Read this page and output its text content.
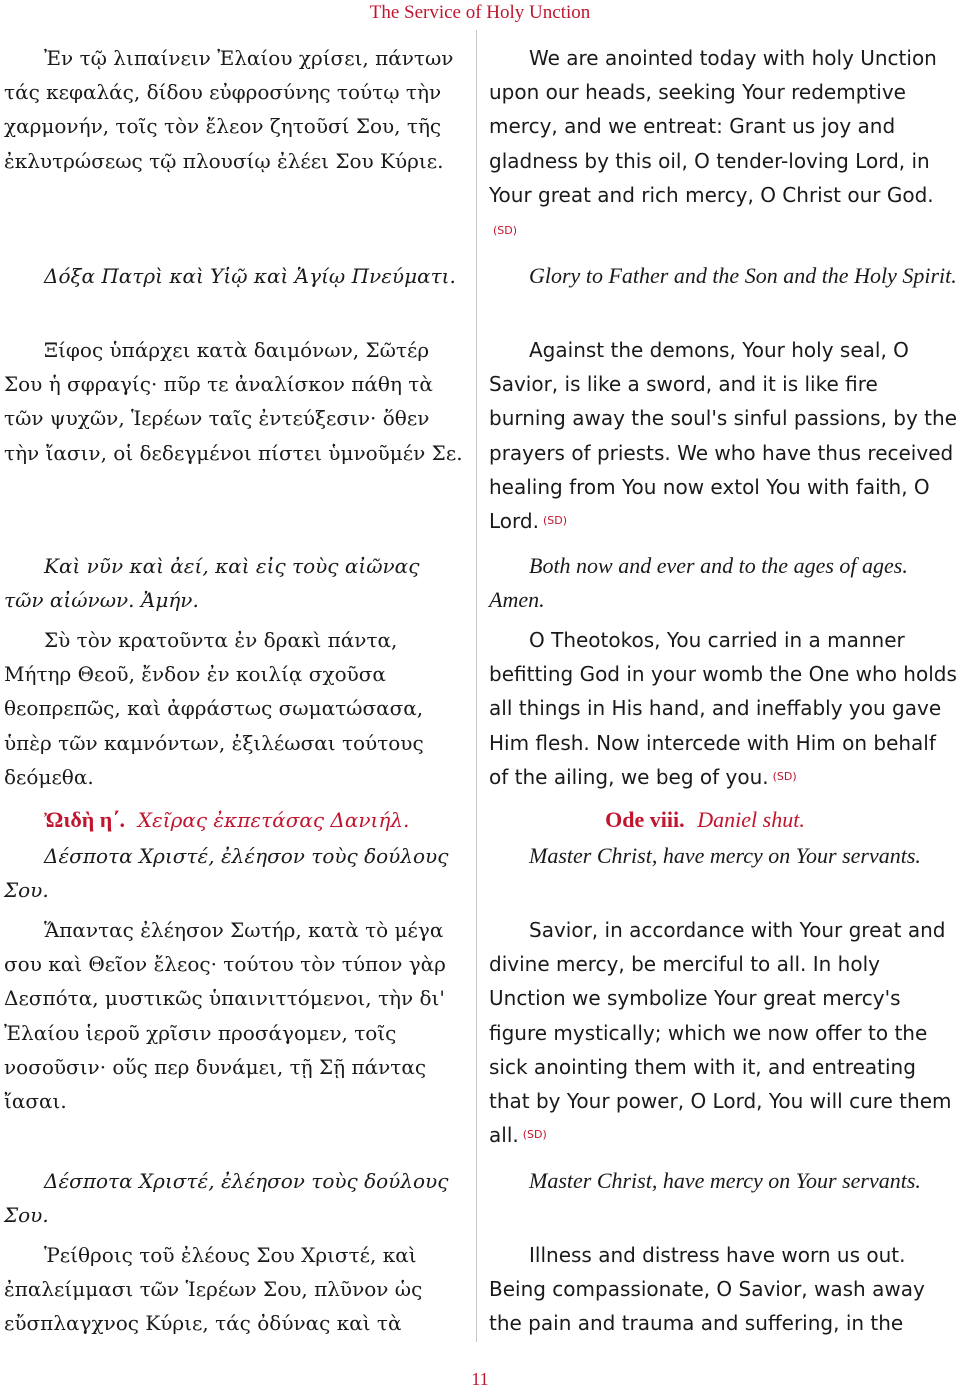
The Service of Holy Unction

Ἐν τῷ λιπαίνειν Ἐλαίου χρίσει, πάντων τάς κεφαλάς, δίδου εὐφροσύνης τούτῳ τὴν χαρμονήν, τοῖς τὸν ἔλεον ζητοῦσί Σου, τῆς ἐκλυτρώσεως τῷ πλουσίῳ ἐλέει Σου Κύριε.

Δόξα Πατρὶ καὶ Υἱῷ καὶ Ἁγίῳ Πνεύματι.

Ξίφος ὑπάρχει κατὰ δαιμόνων, Σῶτέρ Σου ἡ σφραγίς· πῦρ τε ἀναλίσκον πάθη τὰ τῶν ψυχῶν, Ἱερέων ταῖς ἐντεύξεσιν· ὅθεν τὴν ἴασιν, οἱ δεδεγμένοι πίστει ὑμνοῦμέν Σε.

Καὶ νῦν καὶ ἀεί, καὶ εἰς τοὺς αἰῶνας τῶν αἰώνων. Ἀμήν.

Σὺ τὸν κρατοῦντα ἐν δρακὶ πάντα, Μήτηρ Θεοῦ, ἔνδον ἐν κοιλίᾳ σχοῦσα θεοπρεπῶς, καὶ ἀφράστως σωματώσασα, ὑπὲρ τῶν καμνόντων, ἐξιλέωσαι τούτους δεόμεθα.

Ὠιδὴ η΄. Χεῖρας ἐκπετάσας Δανιήλ.

Δέσποτα Χριστέ, ἐλέησον τοὺς δούλους Σου.

Ἅπαντας ἐλέησον Σωτήρ, κατὰ τὸ μέγα σου καὶ Θεῖον ἔλεος· τούτου τὸν τύπον γὰρ Δεσπότα, μυστικῶς ὑπαινιττόμενοι, τὴν δι' Ἐλαίου ἱεροῦ χρῖσιν προσάγομεν, τοῖς νοσοῦσιν· οὕς περ δυνάμει, τῇ Σῇ πάντας ἴασαι.

Δέσποτα Χριστέ, ἐλέησον τοὺς δούλους Σου.

Ῥείθροις τοῦ ἐλέους Σου Χριστέ, καὶ ἐπαλείμμασι τῶν Ἱερέων Σου, πλῦνον ὡς εὔσπλαγχνος Κύριε, τάς ὀδύνας καὶ τὰ

We are anointed today with holy Unction upon our heads, seeking Your redemptive mercy, and we entreat: Grant us joy and gladness by this oil, O tender-loving Lord, in Your great and rich mercy, O Christ our God.

(SD)

Glory to Father and the Son and the Holy Spirit.

Against the demons, Your holy seal, O Savior, is like a sword, and it is like fire burning away the soul's sinful passions, by the prayers of priests. We who have thus received healing from You now extol You with faith, O Lord. $^{(SD)}$

Both now and ever and to the ages of ages. Amen.

O Theotokos, You carried in a manner befitting God in your womb the One who holds all things in His hand, and ineffably you gave Him flesh. Now intercede with Him on behalf of the ailing, we beg of you. $^{(SD)}$

Ode viii. Daniel shut.

Master Christ, have mercy on Your servants.

Savior, in accordance with Your great and divine mercy, be merciful to all. In holy Unction we symbolize Your great mercy's figure mystically; which we now offer to the sick anointing them with it, and entreating that by Your power, O Lord, You will cure them all. $^{(SD)}$

Master Christ, have mercy on Your servants.

Illness and distress have worn us out. Being compassionate, O Savior, wash away the pain and trauma and suffering, in the

11
